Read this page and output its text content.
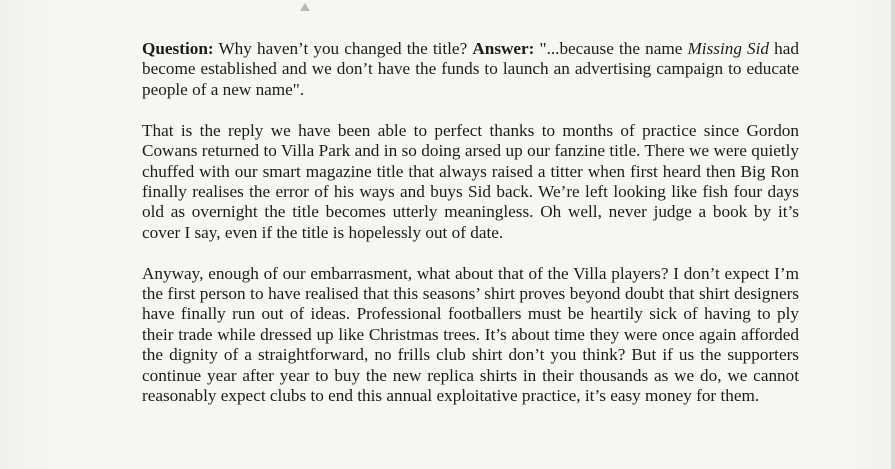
Question: Why haven’t you changed the title? Answer: "...because the name Missing Sid had become established and we don’t have the funds to launch an advertising campaign to educate people of a new name".

That is the reply we have been able to perfect thanks to months of practice since Gordon Cowans returned to Villa Park and in so doing arsed up our fanzine title. There we were quietly chuffed with our smart magazine title that always raised a titter when first heard then Big Ron finally realises the error of his ways and buys Sid back. We’re left looking like fish four days old as overnight the title becomes utterly meaningless. Oh well, never judge a book by it’s cover I say, even if the title is hopelessly out of date.

Anyway, enough of our embarrasment, what about that of the Villa players? I don’t expect I’m the first person to have realised that this seasons’ shirt proves beyond doubt that shirt designers have finally run out of ideas. Professional footballers must be heartily sick of having to ply their trade while dressed up like Christmas trees. It’s about time they were once again afforded the dignity of a straightforward, no frills club shirt don’t you think? But if us the supporters continue year after year to buy the new replica shirts in their thousands as we do, we cannot reasonably expect clubs to end this annual exploitative practice, it’s easy money for them.
